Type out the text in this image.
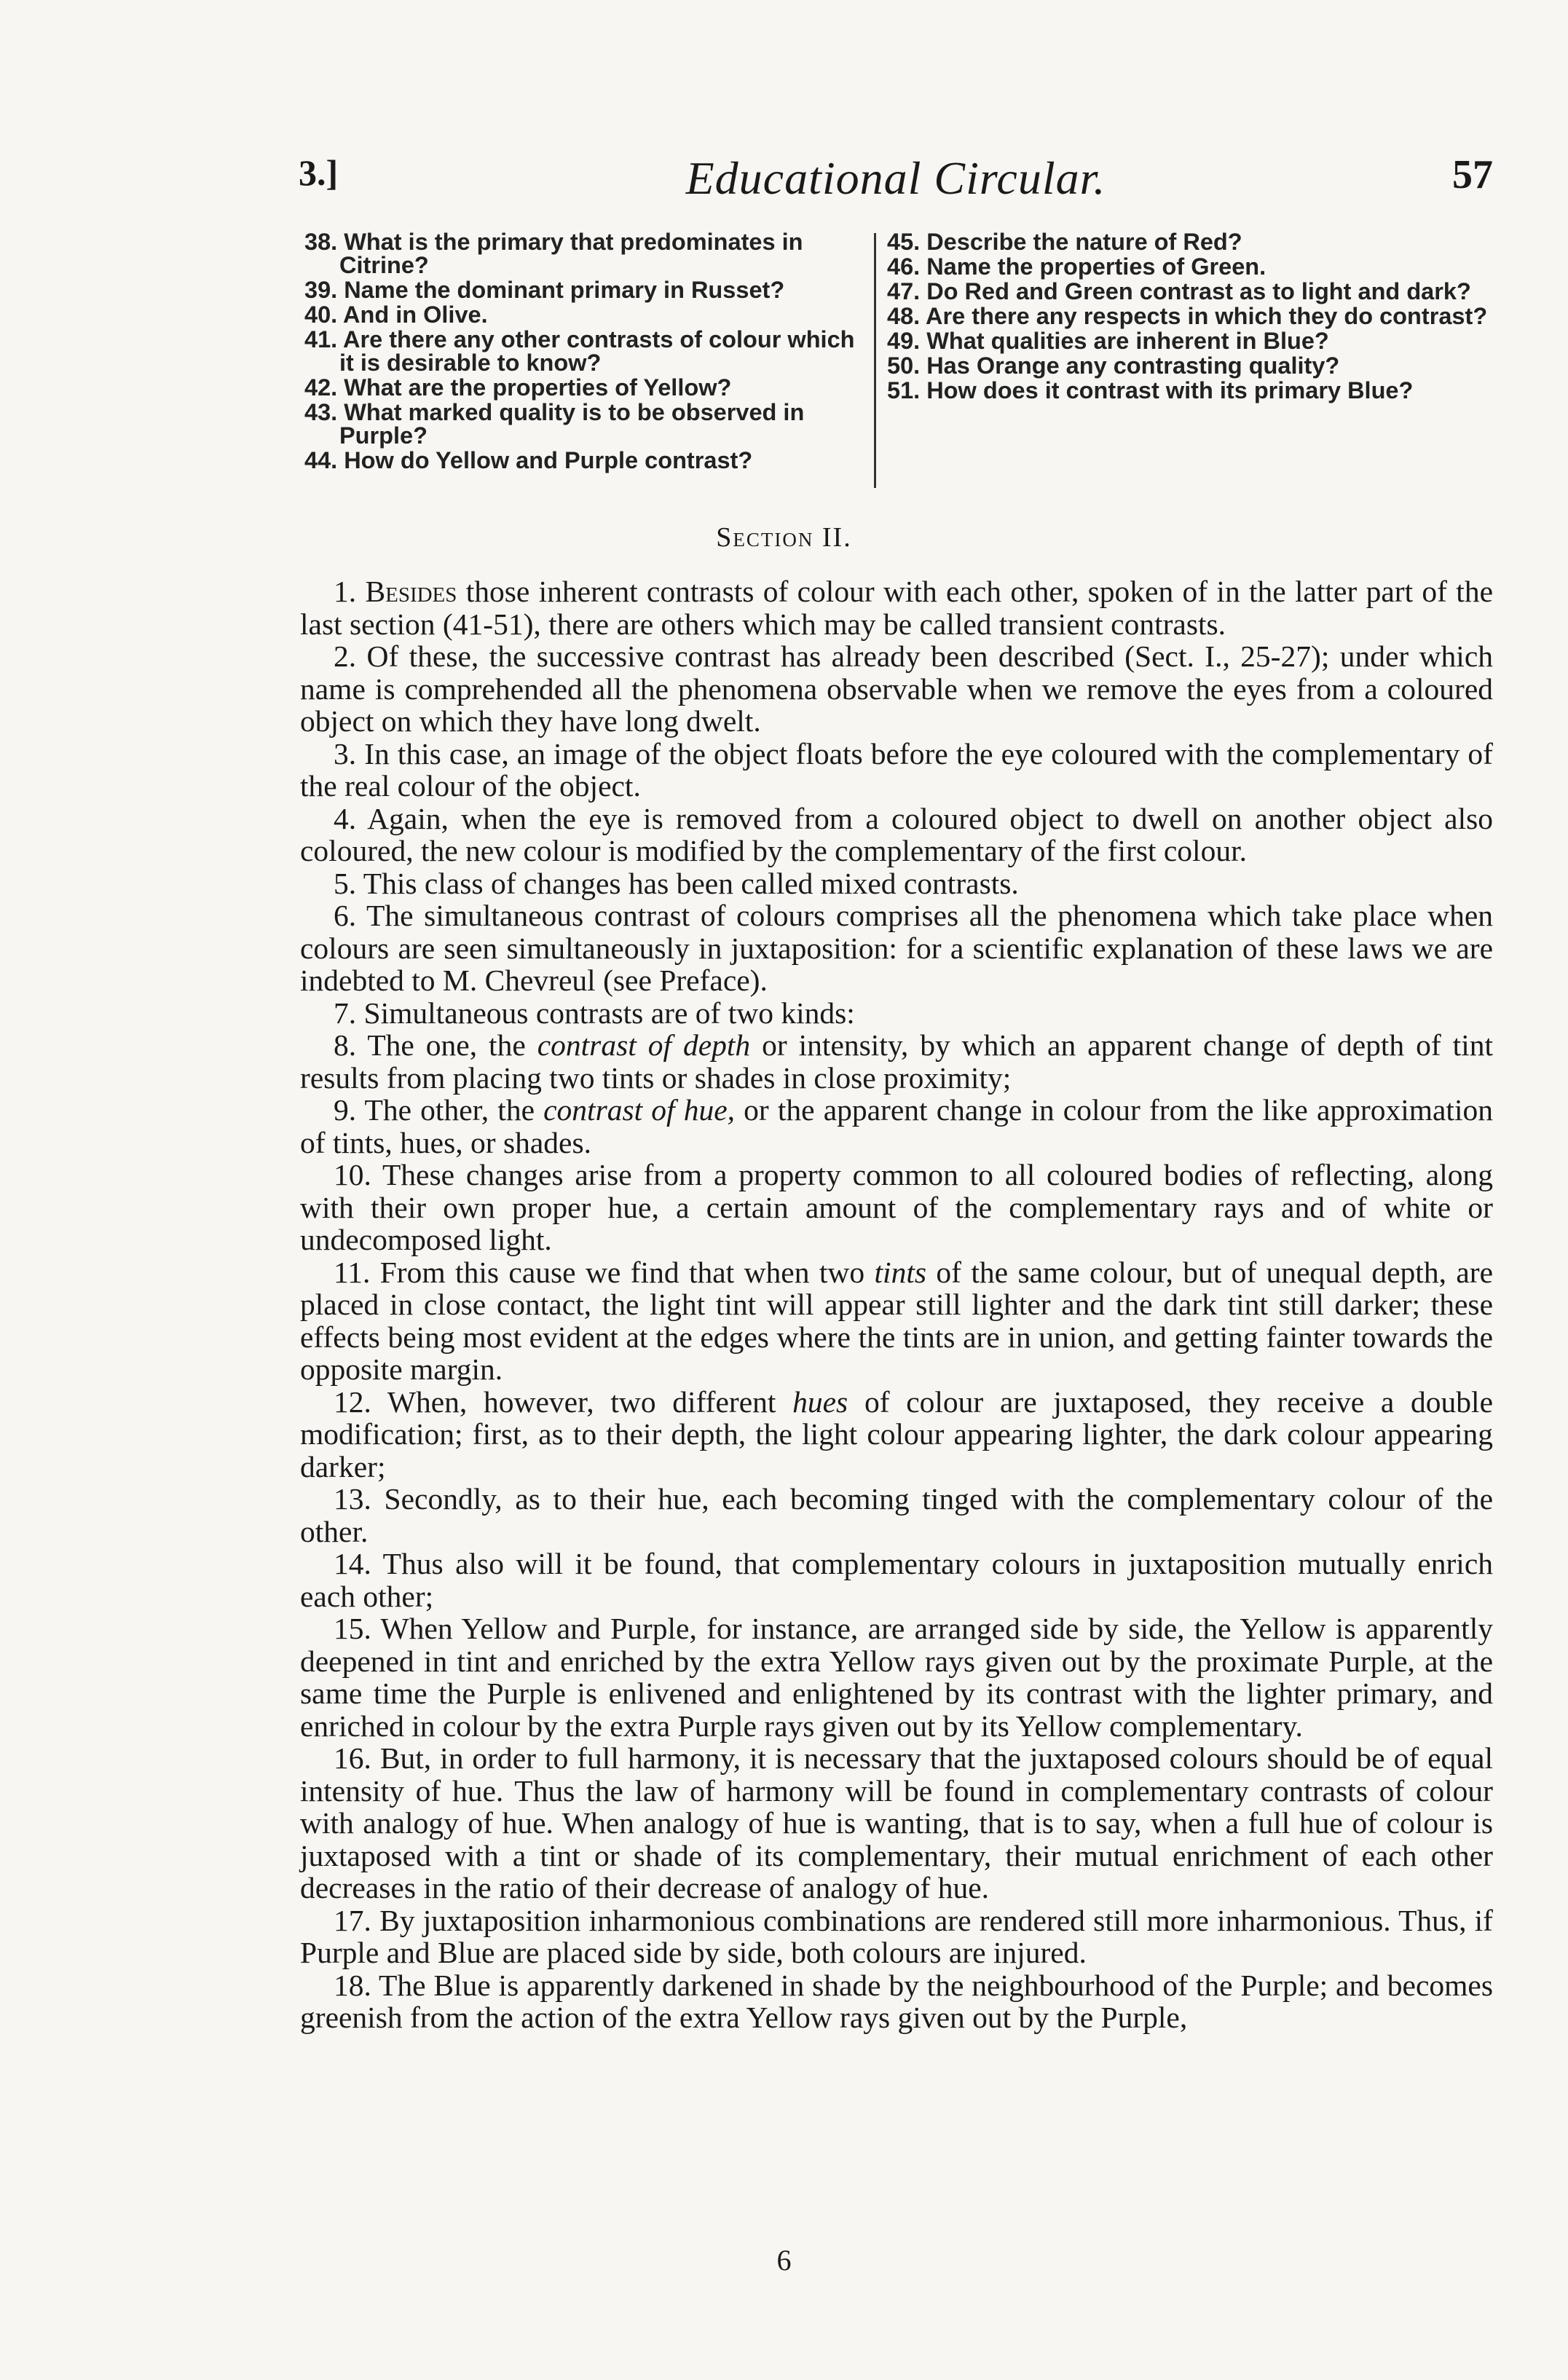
3.]	Educational Circular.	57

38. What is the primary that predominates in Citrine?

39. Name the dominant primary in Russet?

40. And in Olive.

41. Are there any other contrasts of colour which it is desirable to know?

42. What are the properties of Yellow?

43. What marked quality is to be observed in Purple?

44. How do Yellow and Purple contrast?

45. Describe the nature of Red?

46. Name the properties of Green.

47. Do Red and Green contrast as to light and dark?

48. Are there any respects in which they do contrast?

49. What qualities are inherent in Blue?

50. Has Orange any contrasting quality?

51. How does it contrast with its primary Blue?

Section II.

1. Besides those inherent contrasts of colour with each other, spoken of in the latter part of the last section (41-51), there are others which may be called transient contrasts.

2. Of these, the successive contrast has already been described (Sect. I., 25-27); under which name is comprehended all the phenomena observable when we remove the eyes from a coloured object on which they have long dwelt.

3. In this case, an image of the object floats before the eye coloured with the complementary of the real colour of the object.

4. Again, when the eye is removed from a coloured object to dwell on another object also coloured, the new colour is modified by the complementary of the first colour.

5. This class of changes has been called mixed contrasts.

6. The simultaneous contrast of colours comprises all the phenomena which take place when colours are seen simultaneously in juxtaposition: for a scientific explanation of these laws we are indebted to M. Chevreul (see Preface).

7. Simultaneous contrasts are of two kinds:

8. The one, the contrast of depth or intensity, by which an apparent change of depth of tint results from placing two tints or shades in close proximity;

9. The other, the contrast of hue, or the apparent change in colour from the like approximation of tints, hues, or shades.

10. These changes arise from a property common to all coloured bodies of reflecting, along with their own proper hue, a certain amount of the complementary rays and of white or undecomposed light.

11. From this cause we find that when two tints of the same colour, but of unequal depth, are placed in close contact, the light tint will appear still lighter and the dark tint still darker; these effects being most evident at the edges where the tints are in union, and getting fainter towards the opposite margin.

12. When, however, two different hues of colour are juxtaposed, they receive a double modification; first, as to their depth, the light colour appearing lighter, the dark colour appearing darker;

13. Secondly, as to their hue, each becoming tinged with the complementary colour of the other.

14. Thus also will it be found, that complementary colours in juxtaposition mutually enrich each other;

15. When Yellow and Purple, for instance, are arranged side by side, the Yellow is apparently deepened in tint and enriched by the extra Yellow rays given out by the proximate Purple, at the same time the Purple is enlivened and enlightened by its contrast with the lighter primary, and enriched in colour by the extra Purple rays given out by its Yellow complementary.

16. But, in order to full harmony, it is necessary that the juxtaposed colours should be of equal intensity of hue. Thus the law of harmony will be found in complementary contrasts of colour with analogy of hue. When analogy of hue is wanting, that is to say, when a full hue of colour is juxtaposed with a tint or shade of its complementary, their mutual enrichment of each other decreases in the ratio of their decrease of analogy of hue.

17. By juxtaposition inharmonious combinations are rendered still more inharmonious. Thus, if Purple and Blue are placed side by side, both colours are injured.

18. The Blue is apparently darkened in shade by the neighbourhood of the Purple; and becomes greenish from the action of the extra Yellow rays given out by the Purple,

6
